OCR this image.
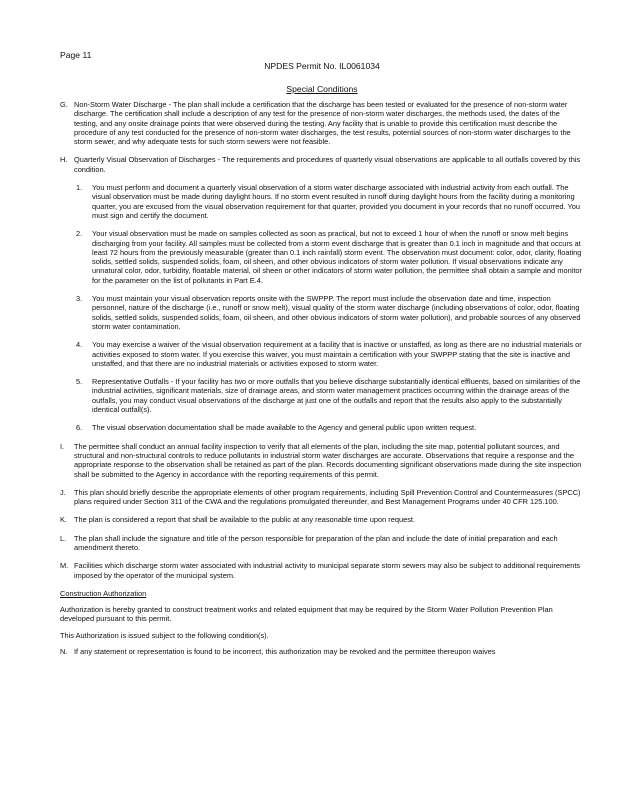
Page 11
NPDES Permit No. IL0061034
Special Conditions
G. Non-Storm Water Discharge - The plan shall include a certification that the discharge has been tested or evaluated for the presence of non-storm water discharge. The certification shall include a description of any test for the presence of non-storm water discharges, the methods used, the dates of the testing, and any onsite drainage points that were observed during the testing. Any facility that is unable to provide this certification must describe the procedure of any test conducted for the presence of non-storm water discharges, the test results, potential sources of non-storm water discharges to the storm sewer, and why adequate tests for such storm sewers were not feasible.

H. Quarterly Visual Observation of Discharges - The requirements and procedures of quarterly visual observations are applicable to all outfalls covered by this condition.

1.	You must perform and document a quarterly visual observation of a storm water discharge associated with industrial activity from each outfall. The visual observation must be made during daylight hours. If no storm event resulted in runoff during daylight hours from the facility during a monitoring quarter, you are excused from the visual observation requirement for that quarter, provided you document in your records that no runoff occurred. You must sign and certify the document.

2.	Your visual observation must be made on samples collected as soon as practical, but not to exceed 1 hour of when the runoff or snow melt begins discharging from your facility. All samples must be collected from a storm event discharge that is greater than 0.1 inch in magnitude and that occurs at least 72 hours from the previously measurable (greater than 0.1 inch rainfall) storm event. The observation must document: color, odor, clarity, floating solids, settled solids, suspended solids, foam, oil sheen, and other obvious indicators of storm water pollution. If visual observations indicate any unnatural color, odor, turbidity, floatable material, oil sheen or other indicators of storm water pollution, the permittee shall obtain a sample and monitor for the parameter on the list of pollutants in Part E.4.

3.	You must maintain your visual observation reports onsite with the SWPPP. The report must include the observation date and time, inspection personnel, nature of the discharge (i.e., runoff or snow melt), visual quality of the storm water discharge (including observations of color, odor, floating solids, settled solids, suspended solids, foam, oil sheen, and other obvious indicators of storm water pollution), and probable sources of any observed storm water contamination.

4.	You may exercise a waiver of the visual observation requirement at a facility that is inactive or unstaffed, as long as there are no industrial materials or activities exposed to storm water. If you exercise this waiver, you must maintain a certification with your SWPPP stating that the site is inactive and unstaffed, and that there are no industrial materials or activities exposed to storm water.

5.	Representative Outfalls - If your facility has two or more outfalls that you believe discharge substantially identical effluents, based on similarities of the industrial activities, significant materials, size of drainage areas, and storm water management practices occurring within the drainage areas of the outfalls, you may conduct visual observations of the discharge at just one of the outfalls and report that the results also apply to the substantially identical outfall(s).

6.	The visual observation documentation shall be made available to the Agency and general public upon written request.

I.	The permittee shall conduct an annual facility inspection to verify that all elements of the plan, including the site map, potential pollutant sources, and structural and non-structural controls to reduce pollutants in industrial storm water discharges are accurate. Observations that require a response and the appropriate response to the observation shall be retained as part of the plan. Records documenting significant observations made during the site inspection shall be submitted to the Agency in accordance with the reporting requirements of this permit.

J.	This plan should briefly describe the appropriate elements of other program requirements, including Spill Prevention Control and Countermeasures (SPCC) plans required under Section 311 of the CWA and the regulations promulgated thereunder, and Best Management Programs under 40 CFR 125.100.

K. The plan is considered a report that shall be available to the public at any reasonable time upon request.

L.	The plan shall include the signature and title of the person responsible for preparation of the plan and include the date of initial preparation and each amendment thereto.

M. Facilities which discharge storm water associated with industrial activity to municipal separate storm sewers may also be subject to additional requirements imposed by the operator of the municipal system.

Construction Authorization

Authorization is hereby granted to construct treatment works and related equipment that may be required by the Storm Water Pollution Prevention Plan developed pursuant to this permit.

This Authorization is issued subject to the following condition(s).

N. If any statement or representation is found to be incorrect, this authorization may be revoked and the permittee thereupon waives
